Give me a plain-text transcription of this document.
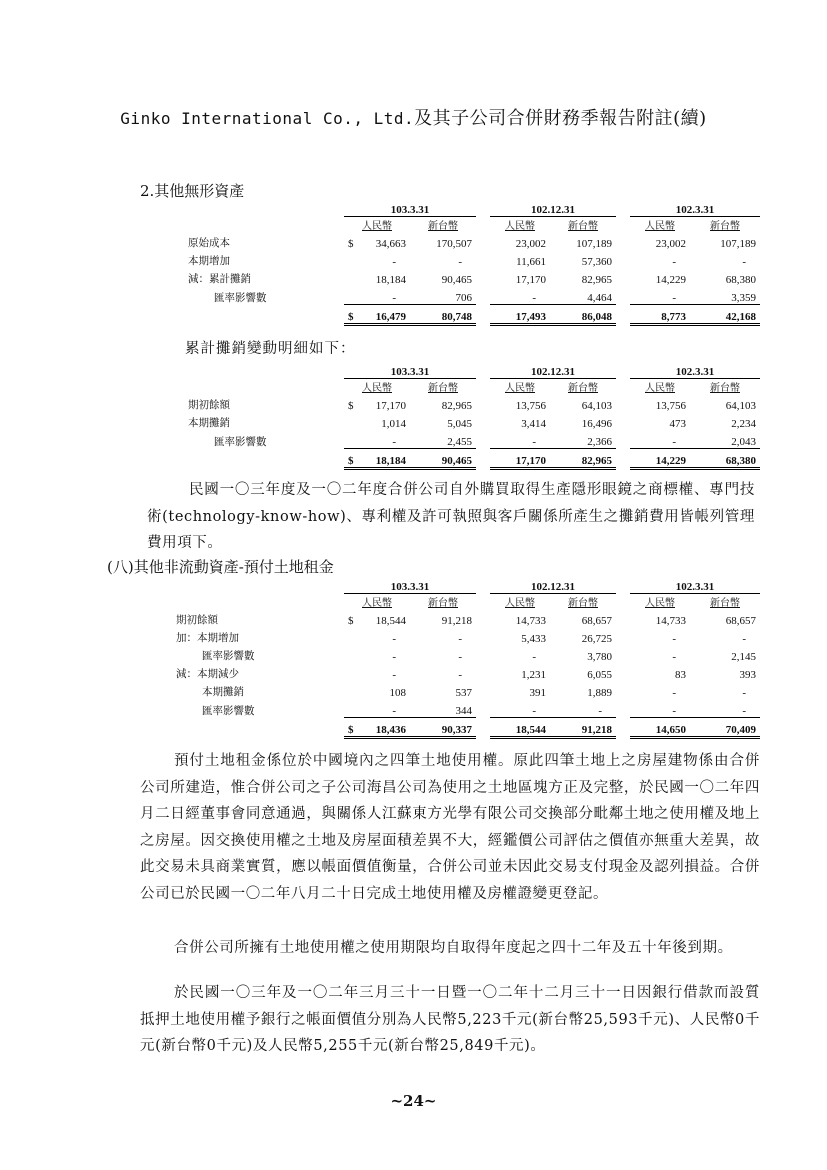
Ginko International Co., Ltd.及其子公司合併財務季報告附註(續)
2.其他無形資產
	103.3.31				102.12.31			102.3.31	
	人民幣		新台幣		人民幣	新台幣		人民幣	新台幣
原始成本	$	34,663	170,507		23,002	107,189		23,002	107,189
本期增加		-	-		11,661	57,360		-	-
減：累計攤銷		18,184	90,465		17,170	82,965		14,229	68,380
匯率影響數		-	706		-	4,464		-	3,359
	$	16,479	80,748		17,493	86,048		8,773	42,168
累計攤銷變動明細如下：
	103.3.31				102.12.31			102.3.31	
	人民幣		新台幣		人民幣	新台幣		人民幣	新台幣
期初餘額	$	17,170	82,965		13,756	64,103		13,756	64,103
本期攤銷		1,014	5,045		3,414	16,496		473	2,234
匯率影響數		-	2,455		-	2,366		-	2,043
	$	18,184	90,465		17,170	82,965		14,229	68,380
民國一〇三年度及一〇二年度合併公司自外購買取得生產隱形眼鏡之商標權、專門技術(technology-know-how)、專利權及許可執照與客戶關係所產生之攤銷費用皆帳列管理費用項下。
(八)其他非流動資產-預付土地租金
	103.3.31				102.12.31			102.3.31	
	人民幣		新台幣		人民幣	新台幣		人民幣	新台幣
期初餘額	$	18,544	91,218		14,733	68,657		14,733	68,657
加：本期增加		-	-		5,433	26,725		-	-
匯率影響數		-	-		-	3,780		-	2,145
減：本期減少		-	-		1,231	6,055		83	393
本期攤銷		108	537		391	1,889		-	-
匯率影響數		-	344		-	-		-	-
	$	18,436	90,337		18,544	91,218		14,650	70,409
預付土地租金係位於中國境內之四筆土地使用權。原此四筆土地上之房屋建物係由合併公司所建造，惟合併公司之子公司海昌公司為使用之土地區塊方正及完整，於民國一〇二年四月二日經董事會同意通過，與關係人江蘇東方光學有限公司交換部分毗鄰土地之使用權及地上之房屋。因交換使用權之土地及房屋面積差異不大，經鑑價公司評估之價值亦無重大差異，故此交易未具商業實質，應以帳面價值衡量，合併公司並未因此交易支付現金及認列損益。合併公司已於民國一〇二年八月二十日完成土地使用權及房權證變更登記。
合併公司所擁有土地使用權之使用期限均自取得年度起之四十二年及五十年後到期。
於民國一〇三年及一〇二年三月三十一日暨一〇二年十二月三十一日因銀行借款而設質抵押土地使用權予銀行之帳面價值分別為人民幣5,223千元(新台幣25,593千元)、人民幣0千元(新台幣0千元)及人民幣5,255千元(新台幣25,849千元)。
~24~
